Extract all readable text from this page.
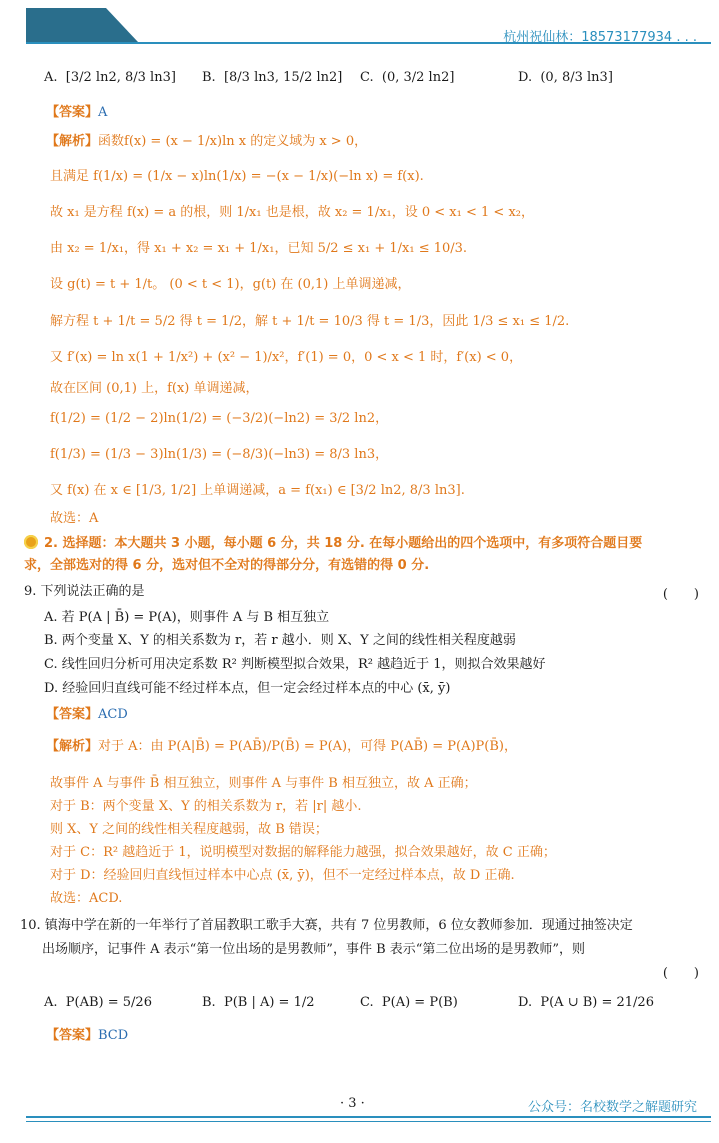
杭州祝仙林：18573177934 . . .
A. [3/2 ln2, 8/3 ln3] B. [8/3 ln3, 15/2 ln2] C. (0, 3/2 ln2]	D. (0, 8/3 ln3]
【答案】A
【解析】函数f(x) = (x − 1/x)ln x 的定义域为 x > 0，
且满足 f(1/x) = (1/x − x)ln(1/x) = −(x − 1/x)(−ln x) = f(x).
故 x₁ 是方程 f(x) = a 的根，则 1/x₁ 也是根，故 x₂ = 1/x₁，设 0 < x₁ < 1 < x₂，
由 x₂ = 1/x₁，得 x₁ + x₂ = x₁ + 1/x₁，已知 5/2 ≤ x₁ + 1/x₁ ≤ 10/3.
设 g(t) = t + 1/t。 (0 < t < 1)，g(t) 在 (0,1) 上单调递减，
解方程 t + 1/t = 5/2 得 t = 1/2，解 t + 1/t = 10/3 得 t = 1/3，因此 1/3 ≤ x₁ ≤ 1/2.
又 f′(x) = ln x(1 + 1/x²) + (x² − 1)/x²，f′(1) = 0，0 < x < 1 时，f′(x) < 0，
故在区间 (0,1) 上，f(x) 单调递减，
f(1/2) = (1/2 − 2)ln(1/2) = (−3/2)(−ln2) = 3/2 ln2，
f(1/3) = (1/3 − 3)ln(1/3) = (−8/3)(−ln3) = 8/3 ln3，
又 f(x) 在 x ∈ [1/3, 1/2] 上单调递减，a = f(x₁) ∈ [3/2 ln2, 8/3 ln3].
故选：A
2. 选择题：本大题共 3 小题，每小题 6 分，共 18 分. 在每小题给出的四个选项中，有多项符合题目要
求，全部选对的得 6 分，选对但不全对的得部分分，有选错的得 0 分.
9. 下列说法正确的是	(　　)
A. 若 P(A | B̄) = P(A)，则事件 A 与 B 相互独立
B. 两个变量 X、Y 的相关系数为 r，若 r 越小．则 X、Y 之间的线性相关程度越弱
C. 线性回归分析可用决定系数 R² 判断模型拟合效果，R² 越趋近于 1，则拟合效果越好
D. 经验回归直线可能不经过样本点，但一定会经过样本点的中心 (x̄, ȳ)
【答案】ACD
【解析】对于 A：由 P(A|B̄) = P(AB̄)/P(B̄) = P(A)，可得 P(AB̄) = P(A)P(B̄)，
故事件 A 与事件 B̄ 相互独立，则事件 A 与事件 B 相互独立，故 A 正确；
对于 B：两个变量 X、Y 的相关系数为 r，若 |r| 越小.
则 X、Y 之间的线性相关程度越弱，故 B 错误；
对于 C：R² 越趋近于 1，说明模型对数据的解释能力越强，拟合效果越好，故 C 正确；
对于 D：经验回归直线恒过样本中心点 (x̄, ȳ)，但不一定经过样本点，故 D 正确.
故选：ACD.
10. 镇海中学在新的一年举行了首届教职工歌手大赛，共有 7 位男教师，6 位女教师参加．现通过抽签决定
出场顺序，记事件 A 表示“第一位出场的是男教师”，事件 B 表示“第二位出场的是男教师”，则
(　　)
A. P(AB) = 5/26	B. P(B | A) = 1/2	C. P(A) = P(B)	D. P(A ∪ B) = 21/26
【答案】BCD
· 3 ·	公众号：名校数学之解题研究
